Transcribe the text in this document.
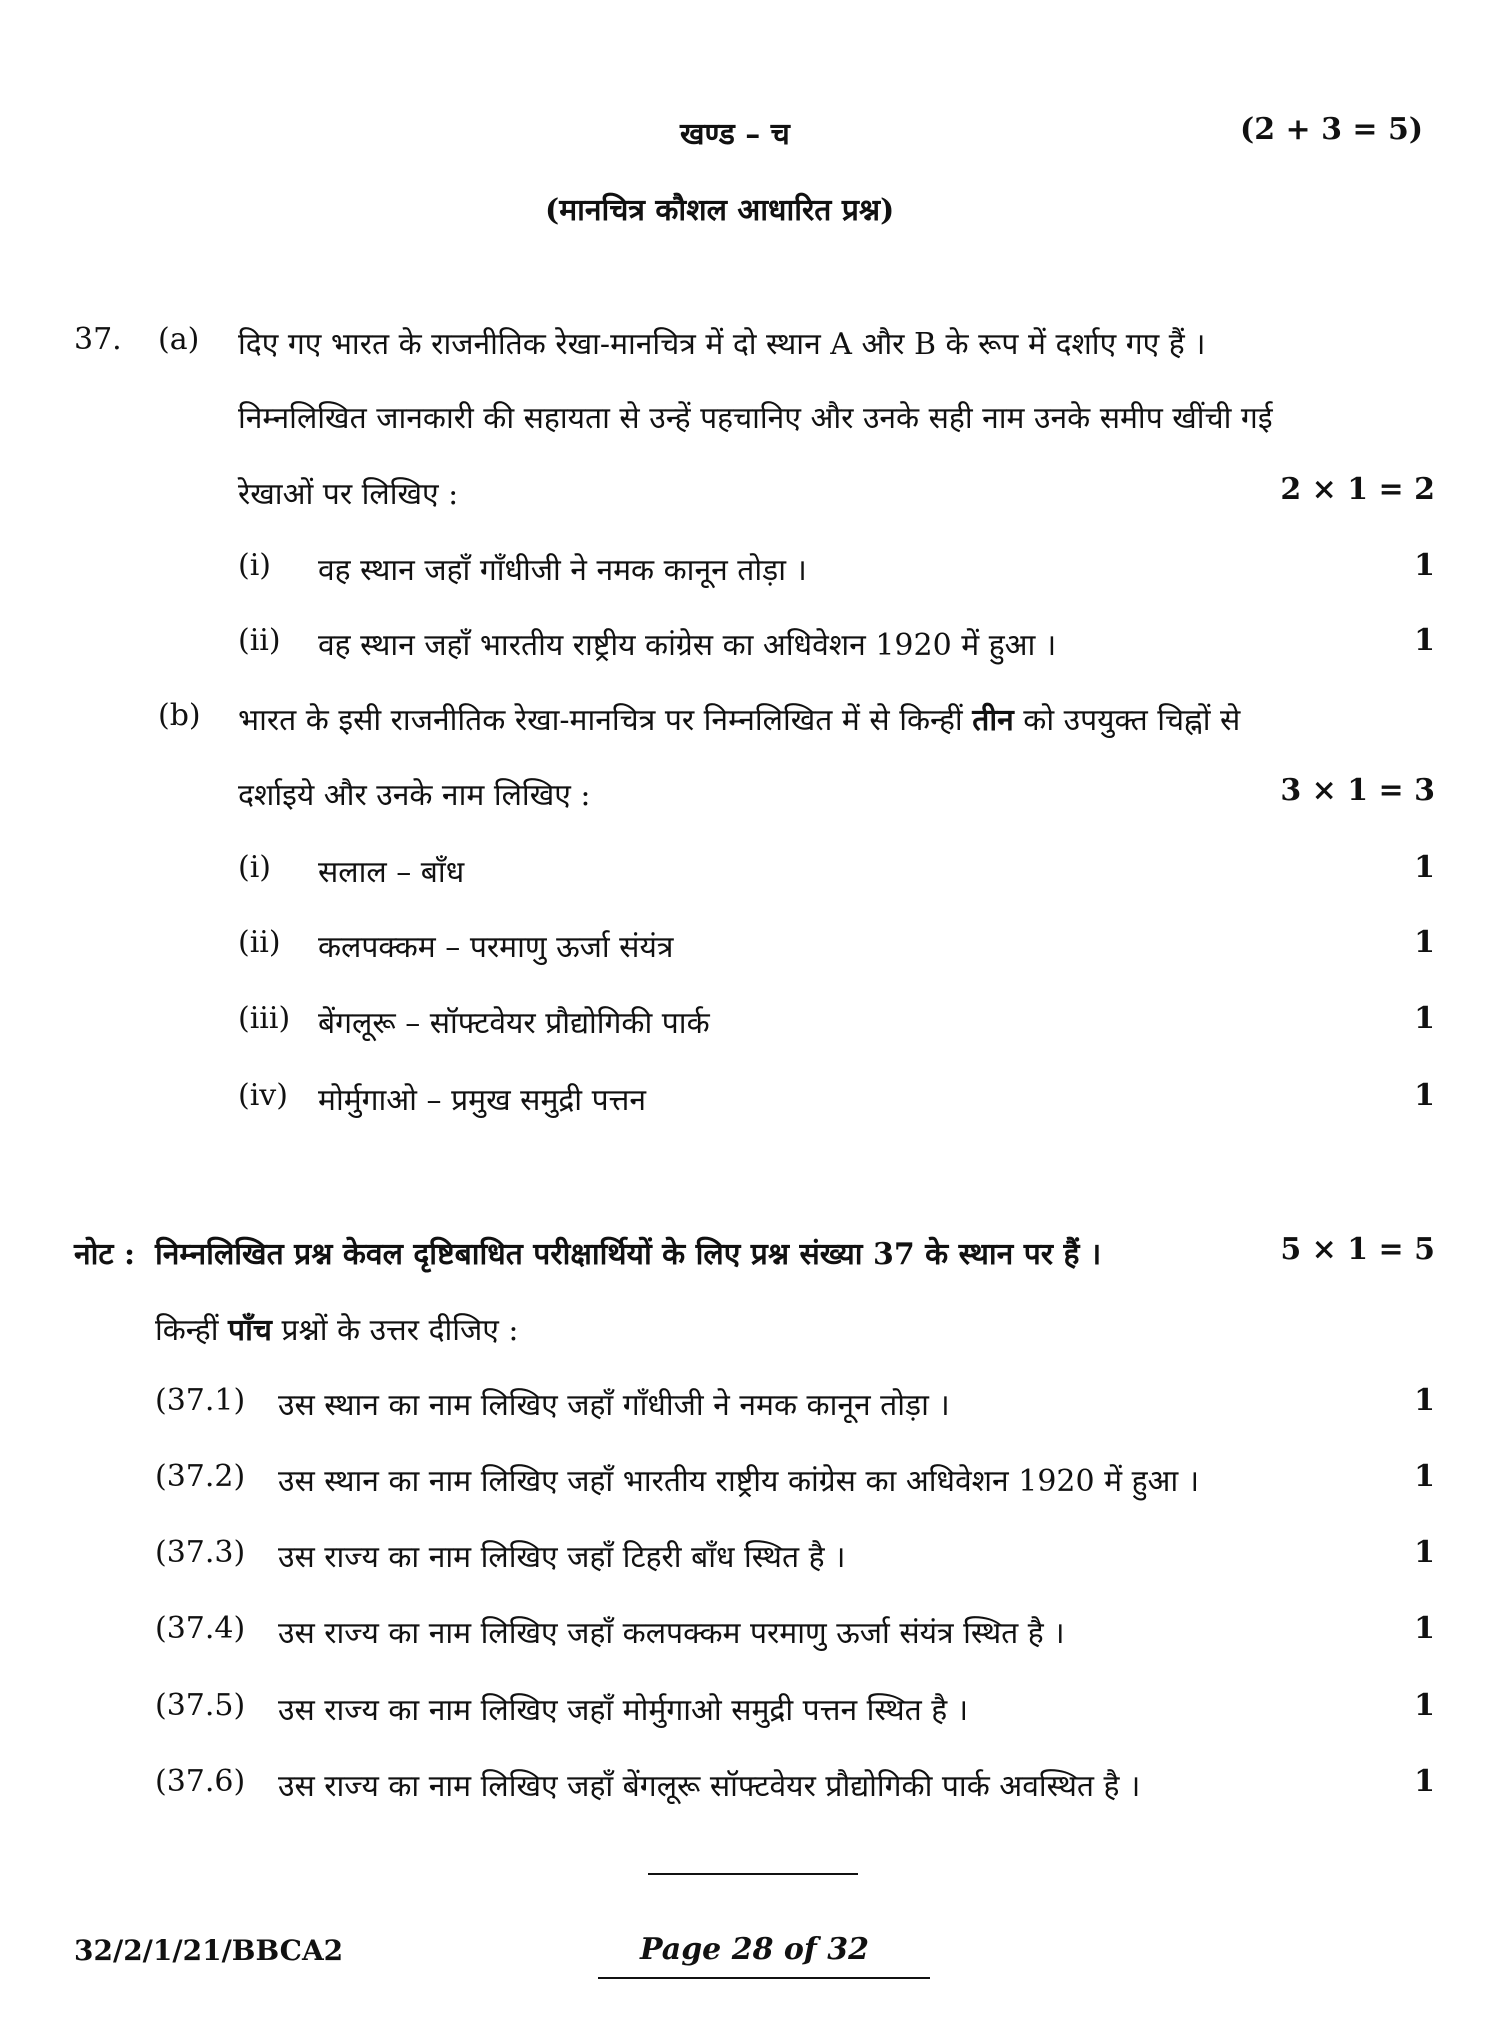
खण्ड – च	(2 + 3 = 5)
(मानचित्र कौशल आधारित प्रश्न)
37. (a) दिए गए भारत के राजनीतिक रेखा-मानचित्र में दो स्थान A और B के रूप में दर्शाए गए हैं ।
निम्नलिखित जानकारी की सहायता से उन्हें पहचानिए और उनके सही नाम उनके समीप खींची गई
रेखाओं पर लिखिए :	2 × 1 = 2
(i) वह स्थान जहाँ गाँधीजी ने नमक कानून तोड़ा ।	1
(ii) वह स्थान जहाँ भारतीय राष्ट्रीय कांग्रेस का अधिवेशन 1920 में हुआ ।	1
(b) भारत के इसी राजनीतिक रेखा-मानचित्र पर निम्नलिखित में से किन्हीं तीन को उपयुक्त चिह्नों से
दर्शाइये और उनके नाम लिखिए :	3 × 1 = 3
(i) सलाल – बाँध	1
(ii) कलपक्कम – परमाणु ऊर्जा संयंत्र	1
(iii) बेंगलूरू – सॉफ्टवेयर प्रौद्योगिकी पार्क	1
(iv) मोर्मुगाओ – प्रमुख समुद्री पत्तन	1
नोट : निम्नलिखित प्रश्न केवल दृष्टिबाधित परीक्षार्थियों के लिए प्रश्न संख्या 37 के स्थान पर हैं ।	5 × 1 = 5
किन्हीं पाँच प्रश्नों के उत्तर दीजिए :
(37.1) उस स्थान का नाम लिखिए जहाँ गाँधीजी ने नमक कानून तोड़ा ।	1
(37.2) उस स्थान का नाम लिखिए जहाँ भारतीय राष्ट्रीय कांग्रेस का अधिवेशन 1920 में हुआ ।	1
(37.3) उस राज्य का नाम लिखिए जहाँ टिहरी बाँध स्थित है ।	1
(37.4) उस राज्य का नाम लिखिए जहाँ कलपक्कम परमाणु ऊर्जा संयंत्र स्थित है ।	1
(37.5) उस राज्य का नाम लिखिए जहाँ मोर्मुगाओ समुद्री पत्तन स्थित है ।	1
(37.6) उस राज्य का नाम लिखिए जहाँ बेंगलूरू सॉफ्टवेयर प्रौद्योगिकी पार्क अवस्थित है ।	1
32/2/1/21/BBCA2	Page 28 of 32
